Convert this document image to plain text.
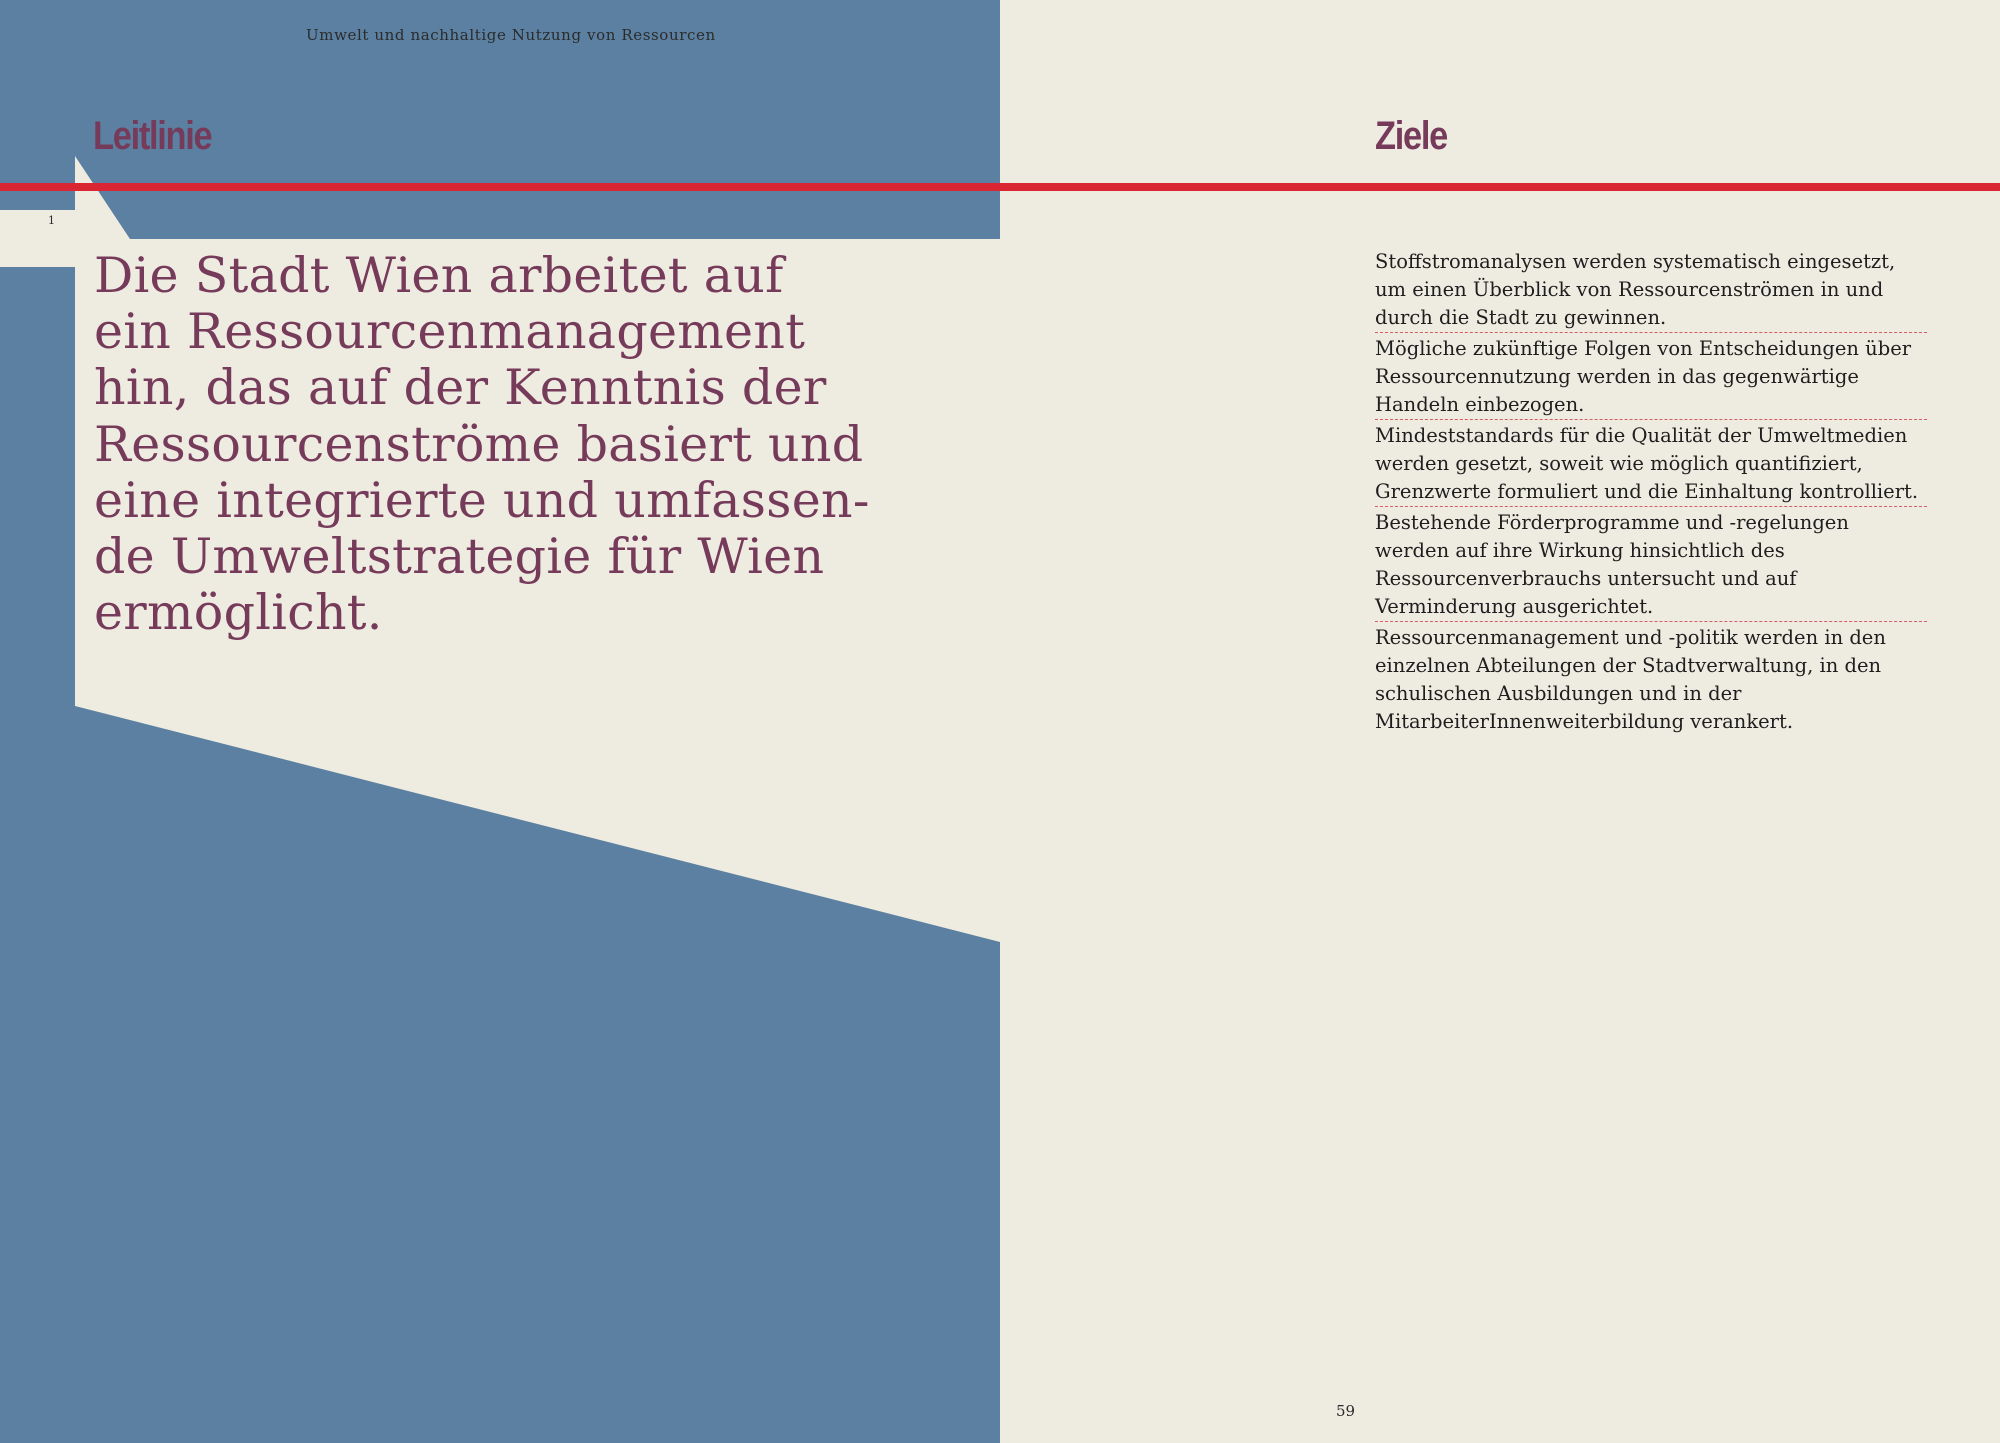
Umwelt und nachhaltige Nutzung von Ressourcen
Leitlinie
1

Die Stadt Wien arbeitet auf
ein Ressourcenmanagement
hin, das auf der Kenntnis der
Ressourcenströme basiert und
eine integrierte und umfassen-
de Umweltstrategie für Wien
ermöglicht.

Ziele
Stoffstromanalysen werden systematisch eingesetzt, um einen Überblick von Ressourcenströmen in und durch die Stadt zu gewinnen.
Mögliche zukünftige Folgen von Entscheidungen über Ressourcennutzung werden in das gegenwärtige Handeln einbezogen.
Mindeststandards für die Qualität der Umweltmedien werden gesetzt, soweit wie möglich quantifiziert, Grenzwerte formuliert und die Einhaltung kontrolliert.
Bestehende Förderprogramme und -regelungen werden auf ihre Wirkung hinsichtlich des Ressourcenverbrauchs untersucht und auf Verminderung ausgerichtet.
Ressourcenmanagement und -politik werden in den einzelnen Abteilungen der Stadtverwaltung, in den schulischen Ausbildungen und in der MitarbeiterInnenweiterbildung verankert.
59
